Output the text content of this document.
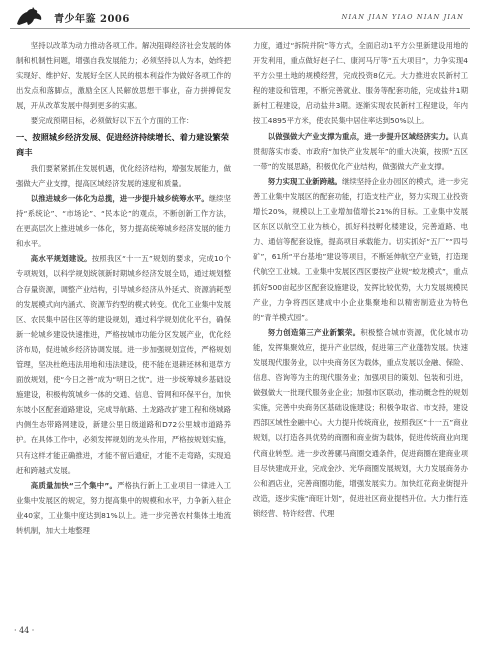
青少年鉴 2006	NIAN JIAN YIAO NIAN JIAN

坚持以改革为动力推动各项工作。解决阻碍经济社会发展的体制和机制性问题，增强自我发展能力；必须坚持以人为本，始终把实现好、维护好、发展好全区人民的根本利益作为做好各项工作的出发点和落脚点，激励全区人民解放思想干事业，奋力拼搏促发展，开从改革发展中得到更多的实惠。

要完成预期目标，必须做好以下五个方面的工作：

一、按照城乡经济发展、促进经济持续增长、着力建设繁荣商丰

我们要紧紧抓住发展机遇，优化经济结构，增强发展能力，做强做大产业支撑，提高区域经济发展的速度和质量。

以推进城乡一体化为总揽，进一步提升城乡统筹水平。继续坚持“系统论”、“市场论”、“民本论”的观点，不断创新工作方法，在更高层次上推进城乡一体化，努力提高统筹城乡经济发展的能力和水平。

高水平规划建设。按照我区“十一五”规划的要求，完成10个专项规划，以科学规划统领新时期城乡经济发展全局，通过规划整合存量资源，调整产业结构，引导城乡经济从外延式、资源消耗型的发展模式向内涵式、资源节约型的模式转变。优化工业集中发展区、农民集中居住区等的建设规划，通过科学规划优化平台，确保新一轮城乡建设快速推进，严格按城市功能分区发展产业，优化经济布局，促进城乡经济协调发展。进一步加强规划宣传，严格规划管理，坚决杜绝违法用地和违法建设，使不能在退耕还林和退草方面放规划，使“今日之善”成为“明日之忧”。进一步统筹城乡基础设施建设，积极构筑城乡一体的交通、信息、管网和环保平台，加快东坡小区配套道路建设，完成导航路、土龙路改扩建工程和绕城路内侧生态带路网建设，新建公里日级道路和D72公里城市道路养护。在具体工作中，必须发挥规划的龙头作用，严格按规划实施，只有这样才能正确推进，才能不留后遗症，才能不走弯路，实现追赶和跨越式发展。

高质量加快“三个集中”。严格执行新上工业项目一律进入工业集中发展区的规定，努力提高集中的规模和水平，力争新入驻企业40家，工业集中度达到81%以上。进一步完善农村集体土地流转机制，加大土地整理

力度，通过“拆院并院”等方式，全面启动1平方公里新建设用地的开发利用，重点做好赵子仁、康河马厅等“五大项目”，力争实现4平方公里土地的规模经营，完成投资8亿元。大力推进农民新村工程的建设和管理，不断完善就业、服务等配套功能，完成盐井1期新村工程建设，启动盐井3期。逐渐实现农民新村工程建设，年内按工4895平方米，使农民集中居住率达到50%以上。

以做强做大产业支撑为重点，进一步提升区域经济实力。认真贯彻落实市委、市政府“加快产业发展年”的重大决策，按照“五区一带”的发展思路，积极优化产业结构，做强做大产业支撑。

努力实现工业新跨越。继续坚持企业办园区的模式，进一步完善工业集中发展区的配套功能，打造支柱产业，努力实现工业投资增长20%，规模以上工业增加值增长21%的目标。工业集中发展区东区以航空工业为核心，抓好科技孵化楼建设，完善道路、电力、通信等配套设施，提高项目承载能力。切实抓好“五厂”“四号矿”，61所“平台基地”建设等项目，不断延伸航空产业链，打造现代航空工业城。工业集中发展区西区要按产业规“蛟龙模式”，重点抓好500亩起步区配套设施建设，发挥比较优势，大力发展规模民产业，力争将西区建成中小企业集聚地和以精密制造业为特色的“青羊模式园”。

努力创造第三产业新繁荣。积极整合城市资源，优化城市功能，发挥集聚效应，提升产业层级，促进第三产业蓬勃发展。快速发展现代服务业，以中央商务区为载体，重点发展以金融、保险、信息、咨询等为主的现代服务业；加强项目的策划、包装和引进，做强做大一批现代服务业企业；加强市区联动，推动概念性的规划实施，完善中央商务区基础设施建设；积极争取省、市支持，建设西部区域性金融中心。大力提升传统商业，按照我区“十一五”商业规划，以打造各具优势的商圈和商业街为载体，促进传统商业向现代商业转型。进一步改善骡马商圈交通条件，促进商圈在建商业项目尽快建成开业，完成金沙、光华商圈发展规划，大力发展商务办公和酒店业，完善商圈功能，增强发展实力。加快红花商业街提升改造，逐步实施“商旺计划”，促进社区商业提档升位。大力推行连锁经营、特许经营、代理

· 44 ·
